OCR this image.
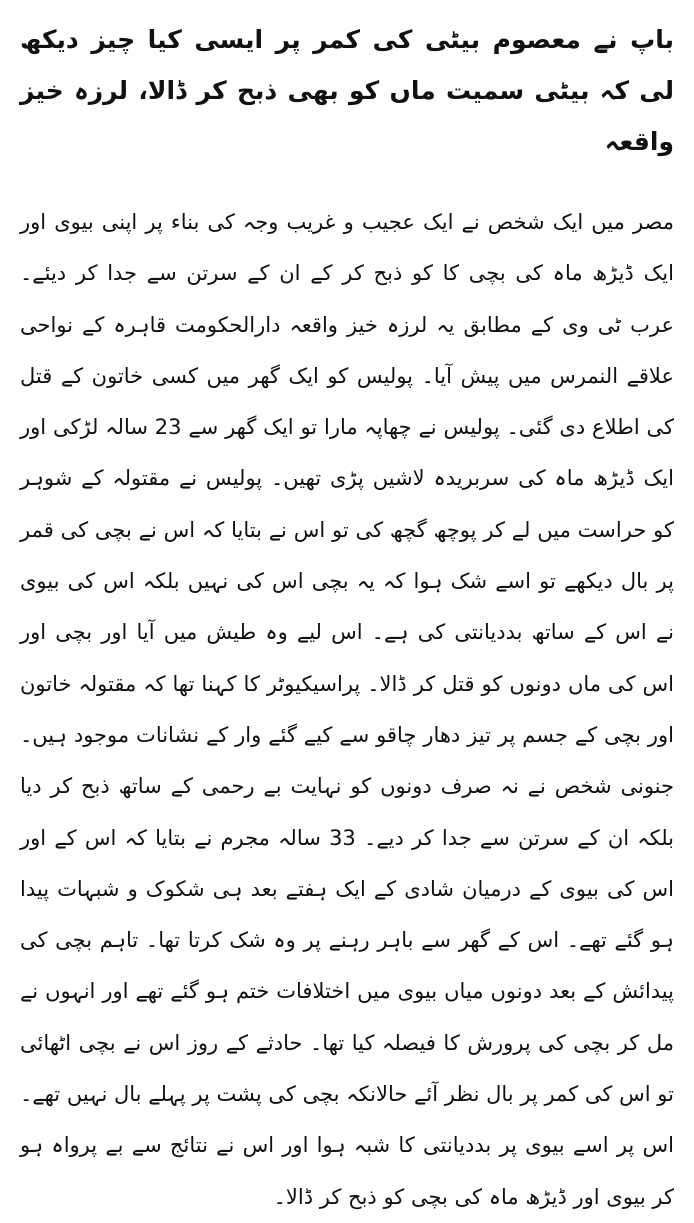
باپ نے معصوم بیٹی کی کمر پر ایسی کیا چیز دیکھ لی کہ بیٹی سمیت ماں کو بھی ذبح کر ڈالا، لرزہ خیز واقعہ

مصر میں ایک شخص نے ایک عجیب و غریب وجہ کی بناء پر اپنی بیوی اور ایک ڈیڑھ ماہ کی بچی کا کو ذبح کر کے ان کے سرتن سے جدا کر دیئے۔ عرب ٹی وی کے مطابق یہ لرزہ خیز واقعہ دارالحکومت قاہرہ کے نواحی علاقے النمرس میں پیش آیا۔ پولیس کو ایک گھر میں کسی خاتون کے قتل کی اطلاع دی گئی۔ پولیس نے چھاپہ مارا تو ایک گھر سے 23 سالہ لڑکی اور ایک ڈیڑھ ماہ کی سربریدہ لاشیں پڑی تھیں۔ پولیس نے مقتولہ کے شوہر کو حراست میں لے کر پوچھ گچھ کی تو اس نے بتایا کہ اس نے بچی کی قمر پر بال دیکھے تو اسے شک ہوا کہ یہ بچی اس کی نہیں بلکہ اس کی بیوی نے اس کے ساتھ بددیانتی کی ہے۔ اس لیے وہ طیش میں آیا اور بچی اور اس کی ماں دونوں کو قتل کر ڈالا۔ پراسیکیوٹر کا کہنا تھا کہ مقتولہ خاتون اور بچی کے جسم پر تیز دھار چاقو سے کیے گئے وار کے نشانات موجود ہیں۔ جنونی شخص نے نہ صرف دونوں کو نہایت بے رحمی کے ساتھ ذبح کر دیا بلکہ ان کے سرتن سے جدا کر دیے۔ 33 سالہ مجرم نے بتایا کہ اس کے اور اس کی بیوی کے درمیان شادی کے ایک ہفتے بعد ہی شکوک و شبہات پیدا ہو گئے تھے۔ اس کے گھر سے باہر رہنے پر وہ شک کرتا تھا۔ تاہم بچی کی پیدائش کے بعد دونوں میاں بیوی میں اختلافات ختم ہو گئے تھے اور انہوں نے مل کر بچی کی پرورش کا فیصلہ کیا تھا۔ حادثے کے روز اس نے بچی اٹھائی تو اس کی کمر پر بال نظر آئے حالانکہ بچی کی پشت پر پہلے بال نہیں تھے۔ اس پر اسے بیوی پر بددیانتی کا شبہ ہوا اور اس نے نتائج سے بے پرواہ ہو کر بیوی اور ڈیڑھ ماہ کی بچی کو ذبح کر ڈالا۔
